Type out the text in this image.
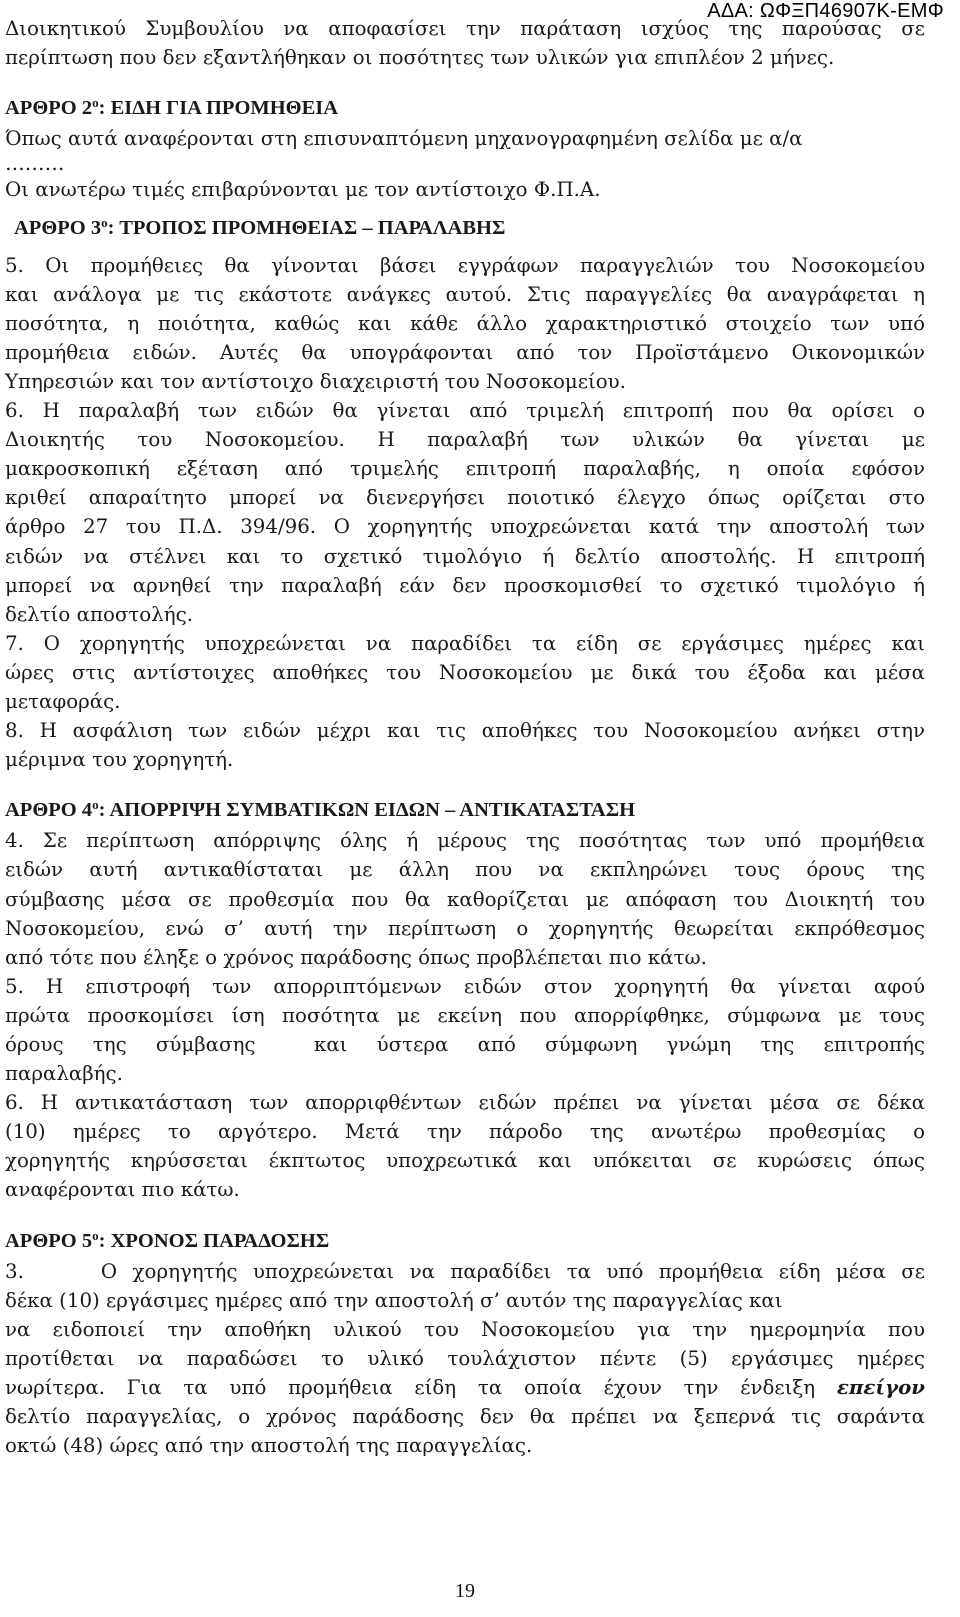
ΑΔΑ: ΩΦΞΠ46907Κ-ΕΜΦ
Διοικητικού Συμβουλίου να αποφασίσει την παράταση ισχύος της παρούσας σε
περίπτωση που δεν εξαντλήθηκαν οι ποσότητες των υλικών για επιπλέον 2 μήνες.
ΑΡΘΡΟ $2^o$: ΕΙΔΗ ΓΙΑ ΠΡΟΜΗΘΕΙΑ
Όπως αυτά αναφέρονται στη επισυναπτόμενη μηχανογραφημένη σελίδα με α/α
………
Οι ανωτέρω τιμές επιβαρύνονται με τον αντίστοιχο Φ.Π.Α.
ΑΡΘΡΟ $3^o$: ΤΡΟΠΟΣ ΠΡΟΜΗΘΕΙΑΣ – ΠΑΡΑΛΑΒΗΣ
5. Οι προμήθειες θα γίνονται βάσει εγγράφων παραγγελιών του Νοσοκομείου
και ανάλογα με τις εκάστοτε ανάγκες αυτού. Στις παραγγελίες θα αναγράφεται η
ποσότητα, η ποιότητα, καθώς και κάθε άλλο χαρακτηριστικό στοιχείο των υπό
προμήθεια ειδών. Αυτές θα υπογράφονται από τον Προϊστάμενο Οικονομικών
Υπηρεσιών και τον αντίστοιχο διαχειριστή του Νοσοκομείου.
6. Η παραλαβή των ειδών θα γίνεται από τριμελή επιτροπή που θα ορίσει ο
Διοικητής του Νοσοκομείου. Η παραλαβή των υλικών θα γίνεται με
μακροσκοπική εξέταση από τριμελής επιτροπή παραλαβής, η οποία εφόσον
κριθεί απαραίτητο μπορεί να διενεργήσει ποιοτικό έλεγχο όπως ορίζεται στο
άρθρο 27 του Π.Δ. 394/96. Ο χορηγητής υποχρεώνεται κατά την αποστολή των
ειδών να στέλνει και το σχετικό τιμολόγιο ή δελτίο αποστολής. Η επιτροπή
μπορεί να αρνηθεί την παραλαβή εάν δεν προσκομισθεί το σχετικό τιμολόγιο ή
δελτίο αποστολής.
7. Ο χορηγητής υποχρεώνεται να παραδίδει τα είδη σε εργάσιμες ημέρες και
ώρες στις αντίστοιχες αποθήκες του Νοσοκομείου με δικά του έξοδα και μέσα
μεταφοράς.
8. Η ασφάλιση των ειδών μέχρι και τις αποθήκες του Νοσοκομείου ανήκει στην
μέριμνα του χορηγητή.
ΑΡΘΡΟ $4^o$: ΑΠΟΡΡΙΨΗ ΣΥΜΒΑΤΙΚΩΝ ΕΙΔΩΝ – ΑΝΤΙΚΑΤΑΣΤΑΣΗ
4. Σε περίπτωση απόρριψης όλης ή μέρους της ποσότητας των υπό προμήθεια
ειδών αυτή αντικαθίσταται με άλλη που να εκπληρώνει τους όρους της
σύμβασης μέσα σε προθεσμία που θα καθορίζεται με απόφαση του Διοικητή του
Νοσοκομείου, ενώ σ’ αυτή την περίπτωση ο χορηγητής θεωρείται εκπρόθεσμος
από τότε που έληξε ο χρόνος παράδοσης όπως προβλέπεται πιο κάτω.
5. Η επιστροφή των απορριπτόμενων ειδών στον χορηγητή θα γίνεται αφού
πρώτα προσκομίσει ίση ποσότητα με εκείνη που απορρίφθηκε, σύμφωνα με τους
όρους της σύμβασης  και ύστερα από σύμφωνη γνώμη της επιτροπής
παραλαβής.
6. Η αντικατάσταση των απορριφθέντων ειδών πρέπει να γίνεται μέσα σε δέκα
(10) ημέρες το αργότερο. Μετά την πάροδο της ανωτέρω προθεσμίας ο
χορηγητής κηρύσσεται έκπτωτος υποχρεωτικά και υπόκειται σε κυρώσεις όπως
αναφέρονται πιο κάτω.
ΑΡΘΡΟ $5^o$: ΧΡΟΝΟΣ ΠΑΡΑΔΟΣΗΣ
3.     Ο χορηγητής υποχρεώνεται να παραδίδει τα υπό προμήθεια είδη μέσα σε
δέκα (10) εργάσιμες ημέρες από την αποστολή σ’ αυτόν της παραγγελίας και
να ειδοποιεί την αποθήκη υλικού του Νοσοκομείου για την ημερομηνία που
προτίθεται να παραδώσει το υλικό τουλάχιστον πέντε (5) εργάσιμες ημέρες
νωρίτερα. Για τα υπό προμήθεια είδη τα οποία έχουν την ένδειξη επείγον
δελτίο παραγγελίας, ο χρόνος παράδοσης δεν θα πρέπει να ξεπερνά τις σαράντα
οκτώ (48) ώρες από την αποστολή της παραγγελίας.
19
